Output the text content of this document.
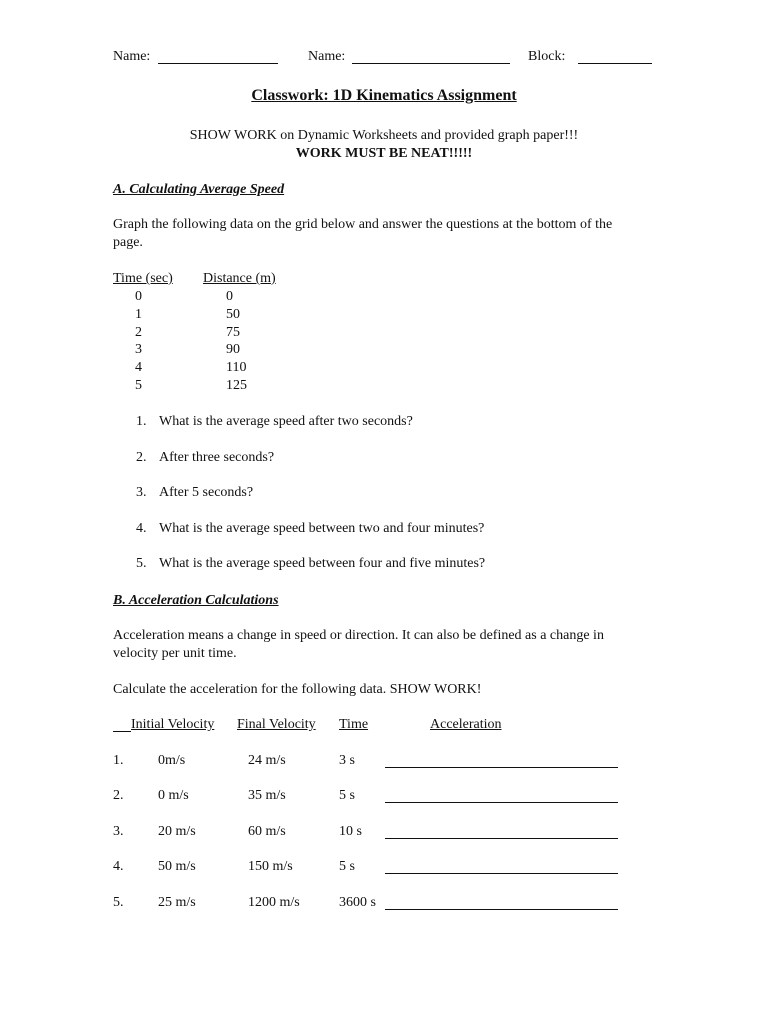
Name:	Name:	Block:
Classwork: 1D Kinematics Assignment
SHOW WORK on Dynamic Worksheets and provided graph paper!!!
WORK MUST BE NEAT!!!!!
A. Calculating Average Speed
Graph the following data on the grid below and answer the questions at the bottom of the
page.
Time (sec) Distance (m)
0	0
1	50
2	75
3	90
4	110
5	125
1. What is the average speed after two seconds?
2. After three seconds?
3. After 5 seconds?
4. What is the average speed between two and four minutes?
5. What is the average speed between four and five minutes?
B. Acceleration Calculations
Acceleration means a change in speed or direction. It can also be defined as a change in
velocity per unit time.
Calculate the acceleration for the following data. SHOW WORK!
Initial Velocity Final Velocity Time	Acceleration
1. 0m/s	24 m/s	3 s
2. 0 m/s	35 m/s	5 s
3. 20 m/s	60 m/s	10 s
4. 50 m/s	150 m/s	5 s
5. 25 m/s	1200 m/s	3600 s
